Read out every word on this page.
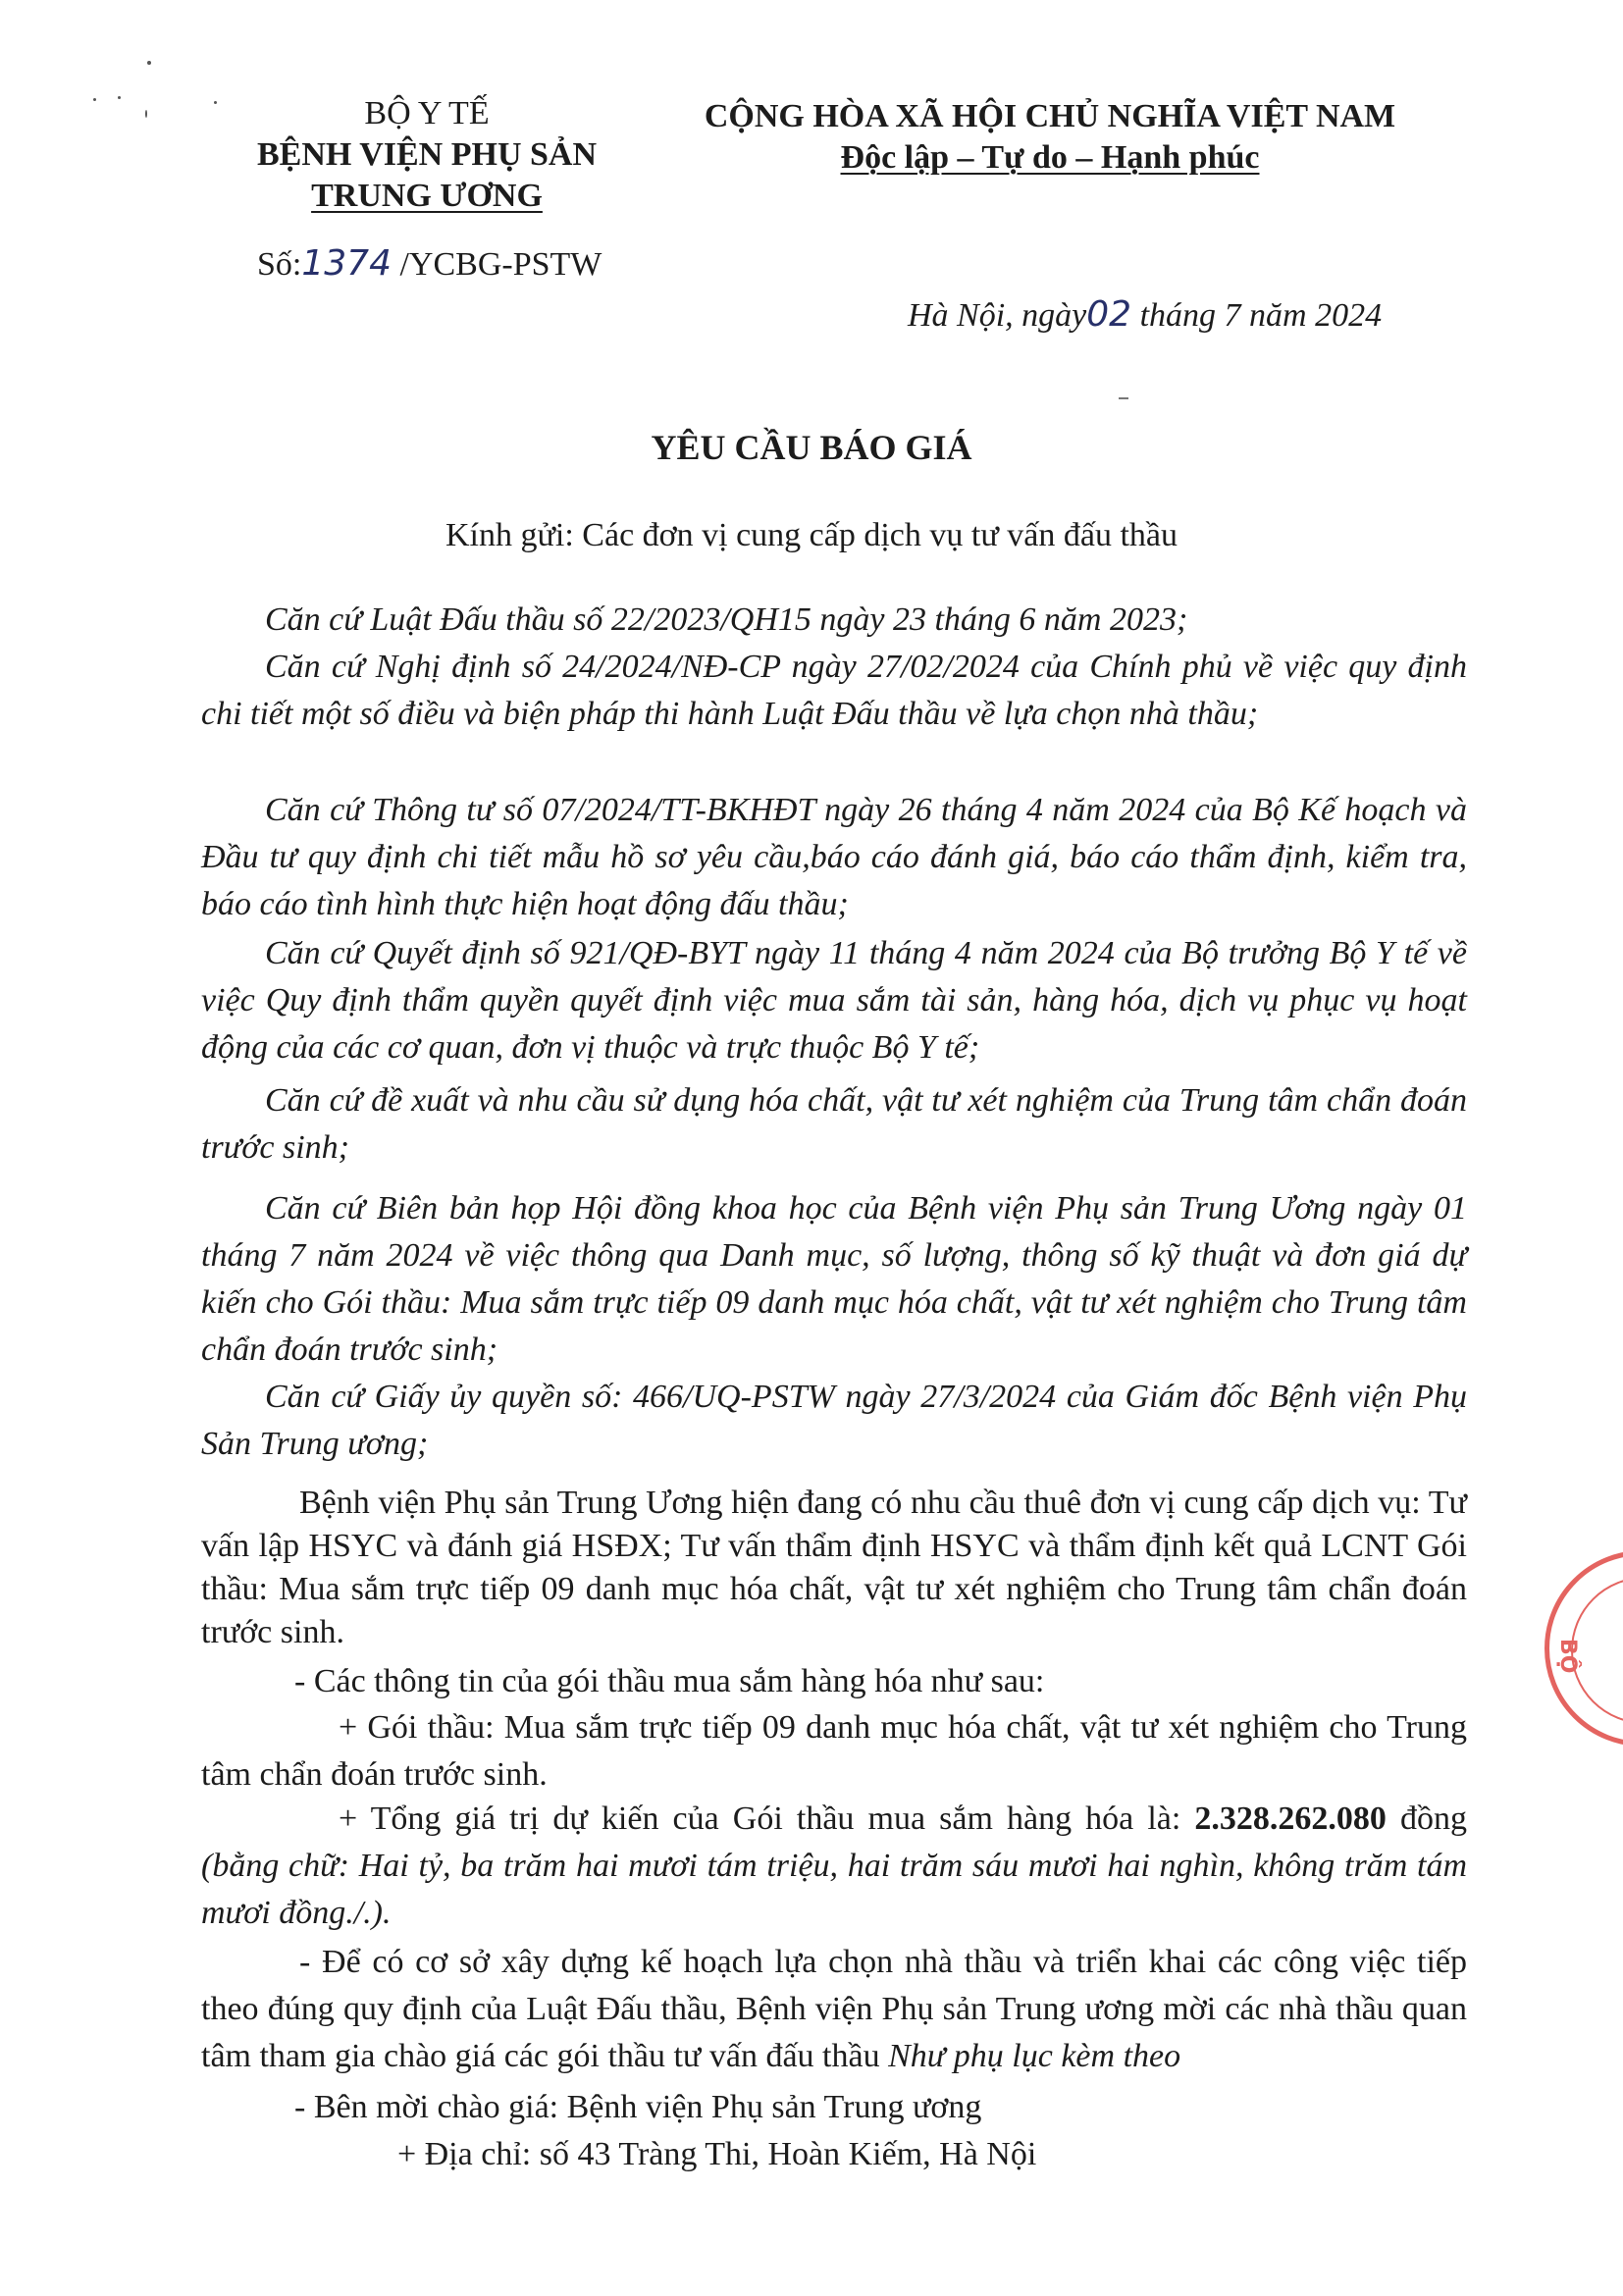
BỘ Y TẾ
BỆNH VIỆN PHỤ SẢN
TRUNG ƯƠNG
Số:1374 /YCBG-PSTW
CỘNG HÒA XÃ HỘI CHỦ NGHĨA VIỆT NAM
Độc lập – Tự do – Hạnh phúc
Hà Nội, ngày02 tháng 7 năm 2024
YÊU CẦU BÁO GIÁ
Kính gửi: Các đơn vị cung cấp dịch vụ tư vấn đấu thầu
Căn cứ Luật Đấu thầu số 22/2023/QH15 ngày 23 tháng 6 năm 2023;
Căn cứ Nghị định số 24/2024/NĐ-CP ngày 27/02/2024 của Chính phủ về việc quy định chi tiết một số điều và biện pháp thi hành Luật Đấu thầu về lựa chọn nhà thầu;
Căn cứ Thông tư số 07/2024/TT-BKHĐT ngày 26 tháng 4 năm 2024 của Bộ Kế hoạch và Đầu tư quy định chi tiết mẫu hồ sơ yêu cầu,báo cáo đánh giá, báo cáo thẩm định, kiểm tra, báo cáo tình hình thực hiện hoạt động đấu thầu;
Căn cứ Quyết định số 921/QĐ-BYT ngày 11 tháng 4 năm 2024 của Bộ trưởng Bộ Y tế về việc Quy định thẩm quyền quyết định việc mua sắm tài sản, hàng hóa, dịch vụ phục vụ hoạt động của các cơ quan, đơn vị thuộc và trực thuộc Bộ Y tế;
Căn cứ đề xuất và nhu cầu sử dụng hóa chất, vật tư xét nghiệm của Trung tâm chẩn đoán trước sinh;
Căn cứ Biên bản họp Hội đồng khoa học của Bệnh viện Phụ sản Trung Ương ngày 01 tháng 7 năm 2024 về việc thông qua Danh mục, số lượng, thông số kỹ thuật và đơn giá dự kiến cho Gói thầu: Mua sắm trực tiếp 09 danh mục hóa chất, vật tư xét nghiệm cho Trung tâm chẩn đoán trước sinh;
Căn cứ Giấy ủy quyền số: 466/UQ-PSTW ngày 27/3/2024 của Giám đốc Bệnh viện Phụ Sản Trung ương;
Bệnh viện Phụ sản Trung Ương hiện đang có nhu cầu thuê đơn vị cung cấp dịch vụ: Tư vấn lập HSYC và đánh giá HSĐX; Tư vấn thẩm định HSYC và thẩm định kết quả LCNT Gói thầu: Mua sắm trực tiếp 09 danh mục hóa chất, vật tư xét nghiệm cho Trung tâm chẩn đoán trước sinh.
- Các thông tin của gói thầu mua sắm hàng hóa như sau:
+ Gói thầu: Mua sắm trực tiếp 09 danh mục hóa chất, vật tư xét nghiệm cho Trung tâm chẩn đoán trước sinh.
+ Tổng giá trị dự kiến của Gói thầu mua sắm hàng hóa là: 2.328.262.080 đồng (bằng chữ: Hai tỷ, ba trăm hai mươi tám triệu, hai trăm sáu mươi hai nghìn, không trăm tám mươi đồng./.).
- Để có cơ sở xây dựng kế hoạch lựa chọn nhà thầu và triển khai các công việc tiếp theo đúng quy định của Luật Đấu thầu, Bệnh viện Phụ sản Trung ương mời các nhà thầu quan tâm tham gia chào giá các gói thầu tư vấn đấu thầu Như phụ lục kèm theo
- Bên mời chào giá: Bệnh viện Phụ sản Trung ương
+ Địa chỉ: số 43 Tràng Thi, Hoàn Kiếm, Hà Nội
BỘ
